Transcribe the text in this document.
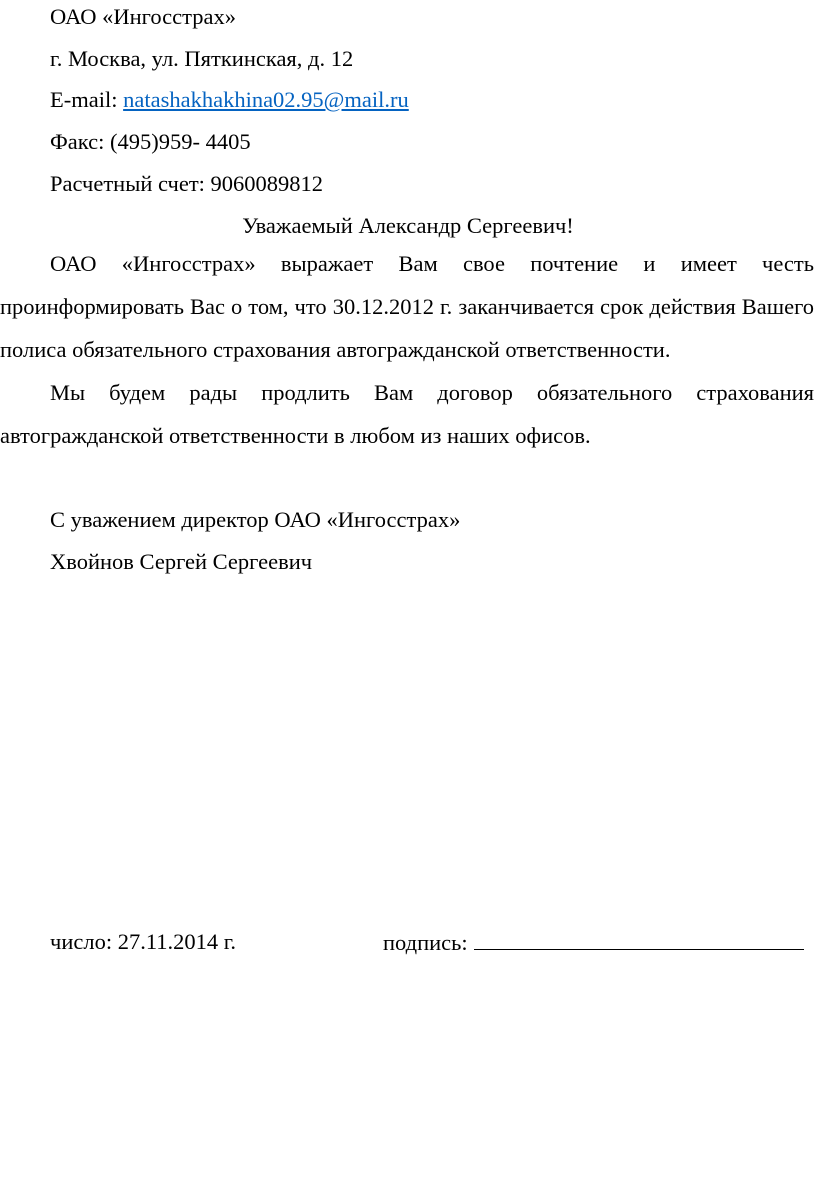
ОАО «Ингосстрах»
г. Москва, ул. Пяткинская, д. 12
E-mail: natashakhakhina02.95@mail.ru
Факс: (495)959- 4405
Расчетный счет: 9060089812
Уважаемый Александр Сергеевич!

ОАО «Ингосстрах» выражает Вам свое почтение и имеет честь проинформировать Вас о том, что 30.12.2012 г. заканчивается срок действия Вашего полиса обязательного страхования автогражданской ответственности.

Мы будем рады продлить Вам договор обязательного страхования автогражданской ответственности в любом из наших офисов.

С уважением директор ОАО «Ингосстрах»
Хвойнов Сергей Сергеевич
число: 27.11.2014 г.	подпись:
